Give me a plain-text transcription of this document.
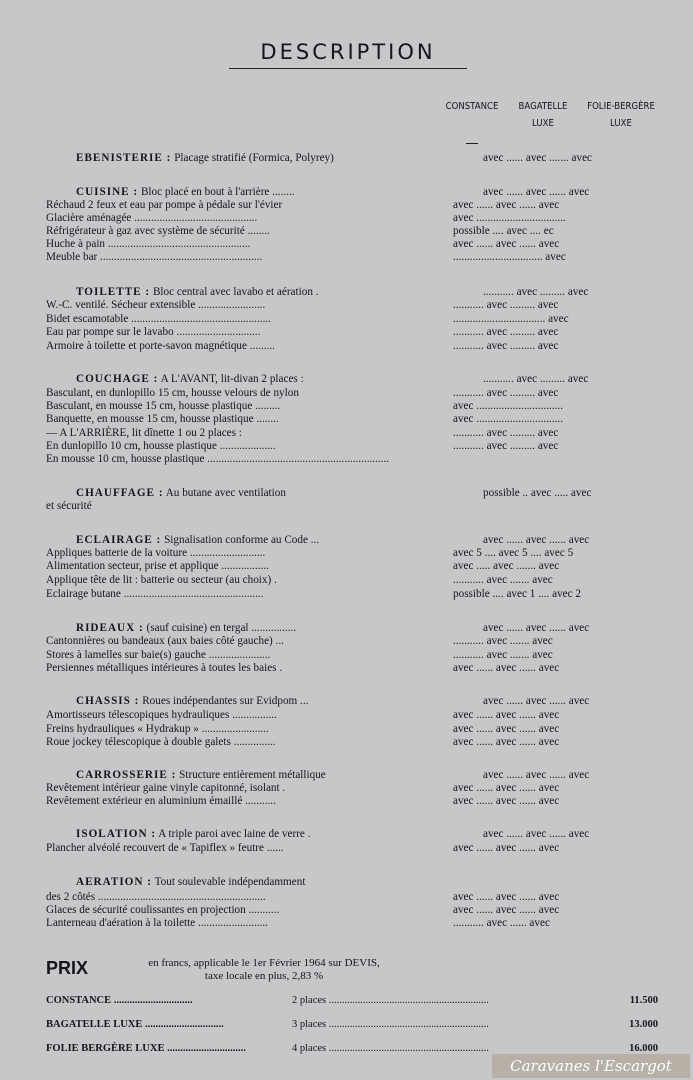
DESCRIPTION
CONSTANCE	BAGATELLE
LUXE
FOLIE-BERGÈRE
LUXE
EBENISTERIE : Placage stratifié (Formica, Polyrey)	avec ...... avec ....... avec
CUISINE : Bloc placé en bout à l'arrière ........	avec ...... avec ...... avec
Réchaud 2 feux et eau par pompe à pédale sur l'évier	avec ...... avec ...... avec
Glacière aménagée ............................................	avec ................................
Réfrigérateur à gaz avec système de sécurité ........	possible .... avec .... ec
Huche à pain ...................................................	avec ...... avec ...... avec
Meuble bar ..........................................................	................................ avec
TOILETTE : Bloc central avec lavabo et aération .	........... avec ......... avec
W.-C. ventilé. Sécheur extensible ........................	........... avec ......... avec
Bidet escamotable ..................................................	................................. avec
Eau par pompe sur le lavabo ..............................	........... avec ......... avec
Armoire à toilette et porte-savon magnétique .........	........... avec ......... avec
COUCHAGE : A L'AVANT, lit-divan 2 places :	........... avec ......... avec
Basculant, en dunlopillo 15 cm, housse velours de nylon	........... avec ......... avec
Basculant, en mousse 15 cm, housse plastique .........	avec ...............................
Banquette, en mousse 15 cm, housse plastique ........	avec ...............................
— A L'ARRIÈRE, lit dînette 1 ou 2 places :	........... avec ......... avec
En dunlopillo 10 cm, housse plastique ....................	........... avec ......... avec
En mousse 10 cm, housse plastique .................................................................
CHAUFFAGE : Au butane avec ventilation	possible .. avec ..... avec
et sécurité
ECLAIRAGE : Signalisation conforme au Code ...	avec ...... avec ...... avec
Appliques batterie de la voiture ...........................	avec 5 .... avec 5 .... avec 5
Alimentation secteur, prise et applique .................	avec ..... avec ....... avec
Applique tête de lit : batterie ou secteur (au choix) .	........... avec ....... avec
Eclairage butane ..................................................	possible .... avec 1 .... avec 2
RIDEAUX : (sauf cuisine) en tergal ................	avec ...... avec ...... avec
Cantonnières ou bandeaux (aux baies côté gauche) ...	........... avec ....... avec
Stores à lamelles sur baie(s) gauche ......................	........... avec ....... avec
Persiennes métalliques intérieures à toutes les baies .	avec ...... avec ...... avec
CHASSIS : Roues indépendantes sur Evidpom ...	avec ...... avec ...... avec
Amortisseurs télescopiques hydrauliques ................	avec ...... avec ...... avec
Freins hydrauliques « Hydrakup » ........................	avec ...... avec ...... avec
Roue jockey télescopique à double galets ...............	avec ...... avec ...... avec
CARROSSERIE : Structure entièrement métallique	avec ...... avec ...... avec
Revêtement intérieur gaine vinyle capitonné, isolant .	avec ...... avec ...... avec
Revêtement extérieur en aluminium émaillé ...........	avec ...... avec ...... avec
ISOLATION : A triple paroi avec laine de verre .	avec ...... avec ...... avec
Plancher alvéolé recouvert de « Tapiflex » feutre ......	avec ...... avec ...... avec
AERATION : Tout soulevable indépendamment
des 2 côtés ............................................................	avec ...... avec ...... avec
Glaces de sécurité coulissantes en projection ...........	avec ...... avec ...... avec
Lanterneau d'aération à la toilette .........................	........... avec ...... avec
PRIX	en francs, applicable le 1er Février 1964 sur DEVIS,
taxe locale en plus, 2,83 %
CONSTANCE ..............................	2 places .............................................................	11.500
BAGATELLE LUXE ..............................	3 places .............................................................	13.000
FOLIE BERGÈRE LUXE ..............................	4 places .............................................................	16.000
Caravanes l'Escargot
